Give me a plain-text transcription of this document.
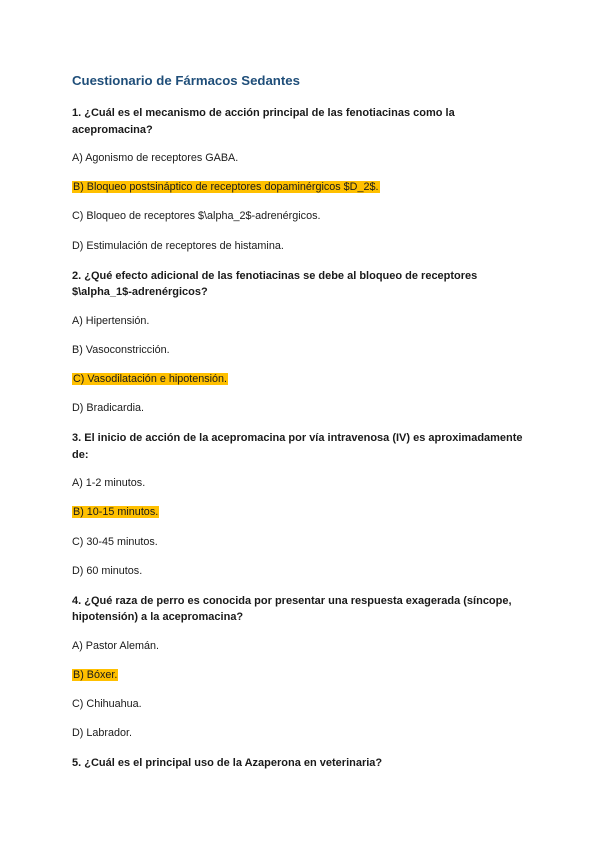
Cuestionario de Fármacos Sedantes

1. ¿Cuál es el mecanismo de acción principal de las fenotiacinas como la acepromacina?

A) Agonismo de receptores GABA.
B) Bloqueo postsináptico de receptores dopaminérgicos $D_2$.
C) Bloqueo de receptores $\alpha_2$-adrenérgicos.
D) Estimulación de receptores de histamina.

2. ¿Qué efecto adicional de las fenotiacinas se debe al bloqueo de receptores $\alpha_1$-adrenérgicos?

A) Hipertensión.
B) Vasoconstricción.
C) Vasodilatación e hipotensión.
D) Bradicardia.

3. El inicio de acción de la acepromacina por vía intravenosa (IV) es aproximadamente de:

A) 1-2 minutos.
B) 10-15 minutos.
C) 30-45 minutos.
D) 60 minutos.

4. ¿Qué raza de perro es conocida por presentar una respuesta exagerada (síncope, hipotensión) a la acepromacina?

A) Pastor Alemán.
B) Bóxer.
C) Chihuahua.
D) Labrador.

5. ¿Cuál es el principal uso de la Azaperona en veterinaria?
